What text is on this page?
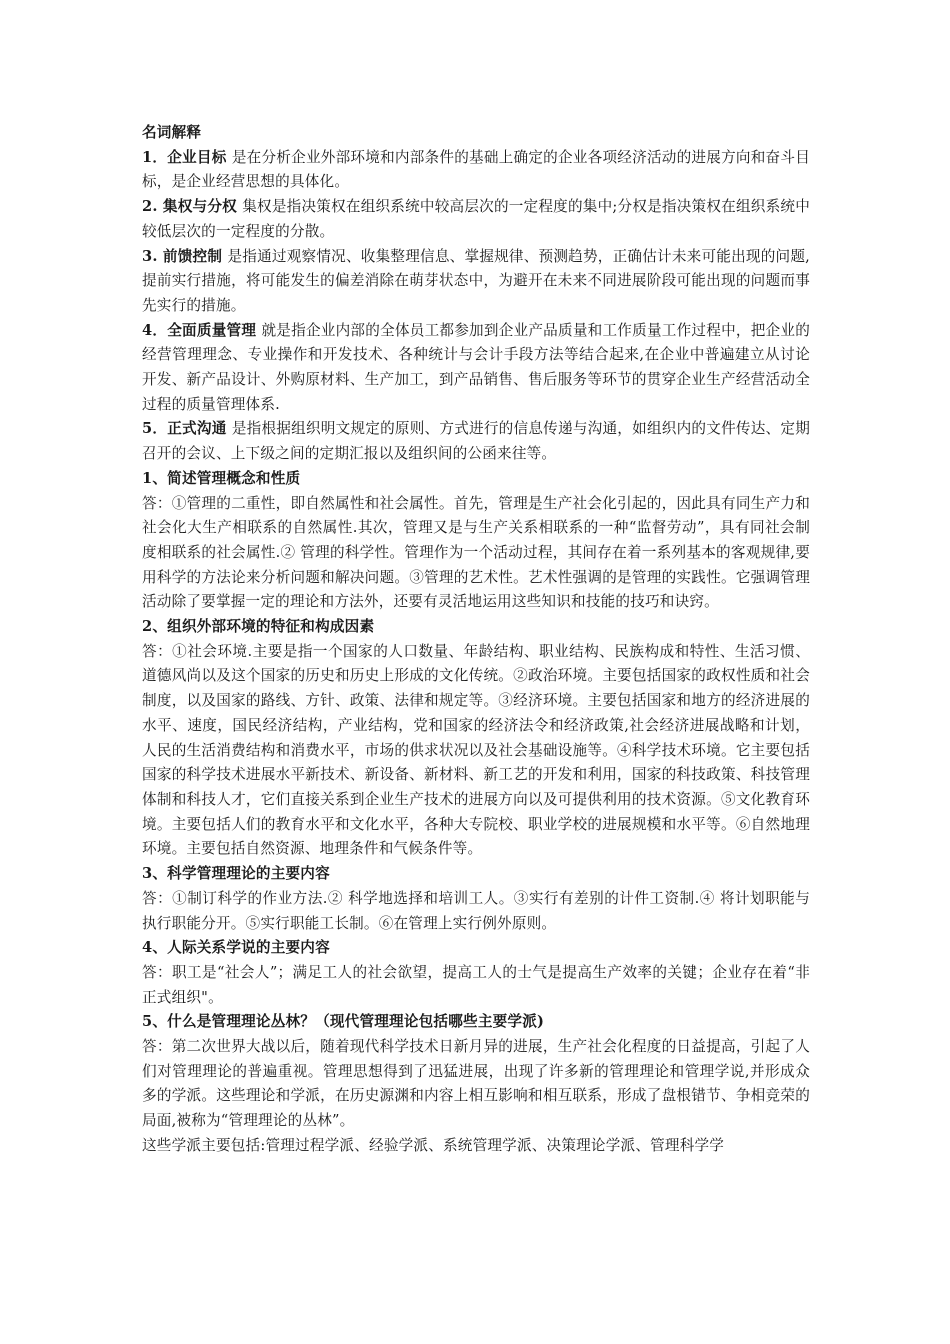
名词解释

1．企业目标 是在分析企业外部环境和内部条件的基础上确定的企业各项经济活动的进展方向和奋斗目标，是企业经营思想的具体化。

2. 集权与分权 集权是指决策权在组织系统中较高层次的一定程度的集中;分权是指决策权在组织系统中较低层次的一定程度的分散。

3. 前馈控制 是指通过观察情况、收集整理信息、掌握规律、预测趋势，正确估计未来可能出现的问题,提前实行措施，将可能发生的偏差消除在萌芽状态中，为避开在未来不同进展阶段可能出现的问题而事先实行的措施。

4．全面质量管理 就是指企业内部的全体员工都参加到企业产品质量和工作质量工作过程中，把企业的经营管理理念、专业操作和开发技术、各种统计与会计手段方法等结合起来,在企业中普遍建立从讨论开发、新产品设计、外购原材料、生产加工，到产品销售、售后服务等环节的贯穿企业生产经营活动全过程的质量管理体系.

5．正式沟通 是指根据组织明文规定的原则、方式进行的信息传递与沟通，如组织内的文件传达、定期召开的会议、上下级之间的定期汇报以及组织间的公函来往等。

1、简述管理概念和性质

答：①管理的二重性，即自然属性和社会属性。首先，管理是生产社会化引起的，因此具有同生产力和社会化大生产相联系的自然属性.其次，管理又是与生产关系相联系的一种“监督劳动”，具有同社会制度相联系的社会属性.② 管理的科学性。管理作为一个活动过程，其间存在着一系列基本的客观规律,要用科学的方法论来分析问题和解决问题。③管理的艺术性。艺术性强调的是管理的实践性。它强调管理活动除了要掌握一定的理论和方法外，还要有灵活地运用这些知识和技能的技巧和诀窍。

2、组织外部环境的特征和构成因素

答：①社会环境.主要是指一个国家的人口数量、年龄结构、职业结构、民族构成和特性、生活习惯、道德风尚以及这个国家的历史和历史上形成的文化传统。②政治环境。主要包括国家的政权性质和社会制度，以及国家的路线、方针、政策、法律和规定等。③经济环境。主要包括国家和地方的经济进展的水平、速度，国民经济结构，产业结构，党和国家的经济法令和经济政策,社会经济进展战略和计划，人民的生活消费结构和消费水平，市场的供求状况以及社会基础设施等。④科学技术环境。它主要包括国家的科学技术进展水平新技术、新设备、新材料、新工艺的开发和利用，国家的科技政策、科技管理体制和科技人才，它们直接关系到企业生产技术的进展方向以及可提供利用的技术资源。⑤文化教育环境。主要包括人们的教育水平和文化水平，各种大专院校、职业学校的进展规模和水平等。⑥自然地理环境。主要包括自然资源、地理条件和气候条件等。

3、科学管理理论的主要内容

答：①制订科学的作业方法.② 科学地选择和培训工人。③实行有差别的计件工资制.④ 将计划职能与执行职能分开。⑤实行职能工长制。⑥在管理上实行例外原则。

4、人际关系学说的主要内容

答：职工是“社会人”；满足工人的社会欲望，提高工人的士气是提高生产效率的关键；企业存在着“非正式组织"。

5、什么是管理理论丛林？（现代管理理论包括哪些主要学派)

答：第二次世界大战以后，随着现代科学技术日新月异的进展，生产社会化程度的日益提高，引起了人们对管理理论的普遍重视。管理思想得到了迅猛进展，出现了许多新的管理理论和管理学说,并形成众多的学派。这些理论和学派，在历史源渊和内容上相互影响和相互联系，形成了盘根错节、争相竞荣的局面,被称为“管理理论的丛林”。

这些学派主要包括:管理过程学派、经验学派、系统管理学派、决策理论学派、管理科学学
